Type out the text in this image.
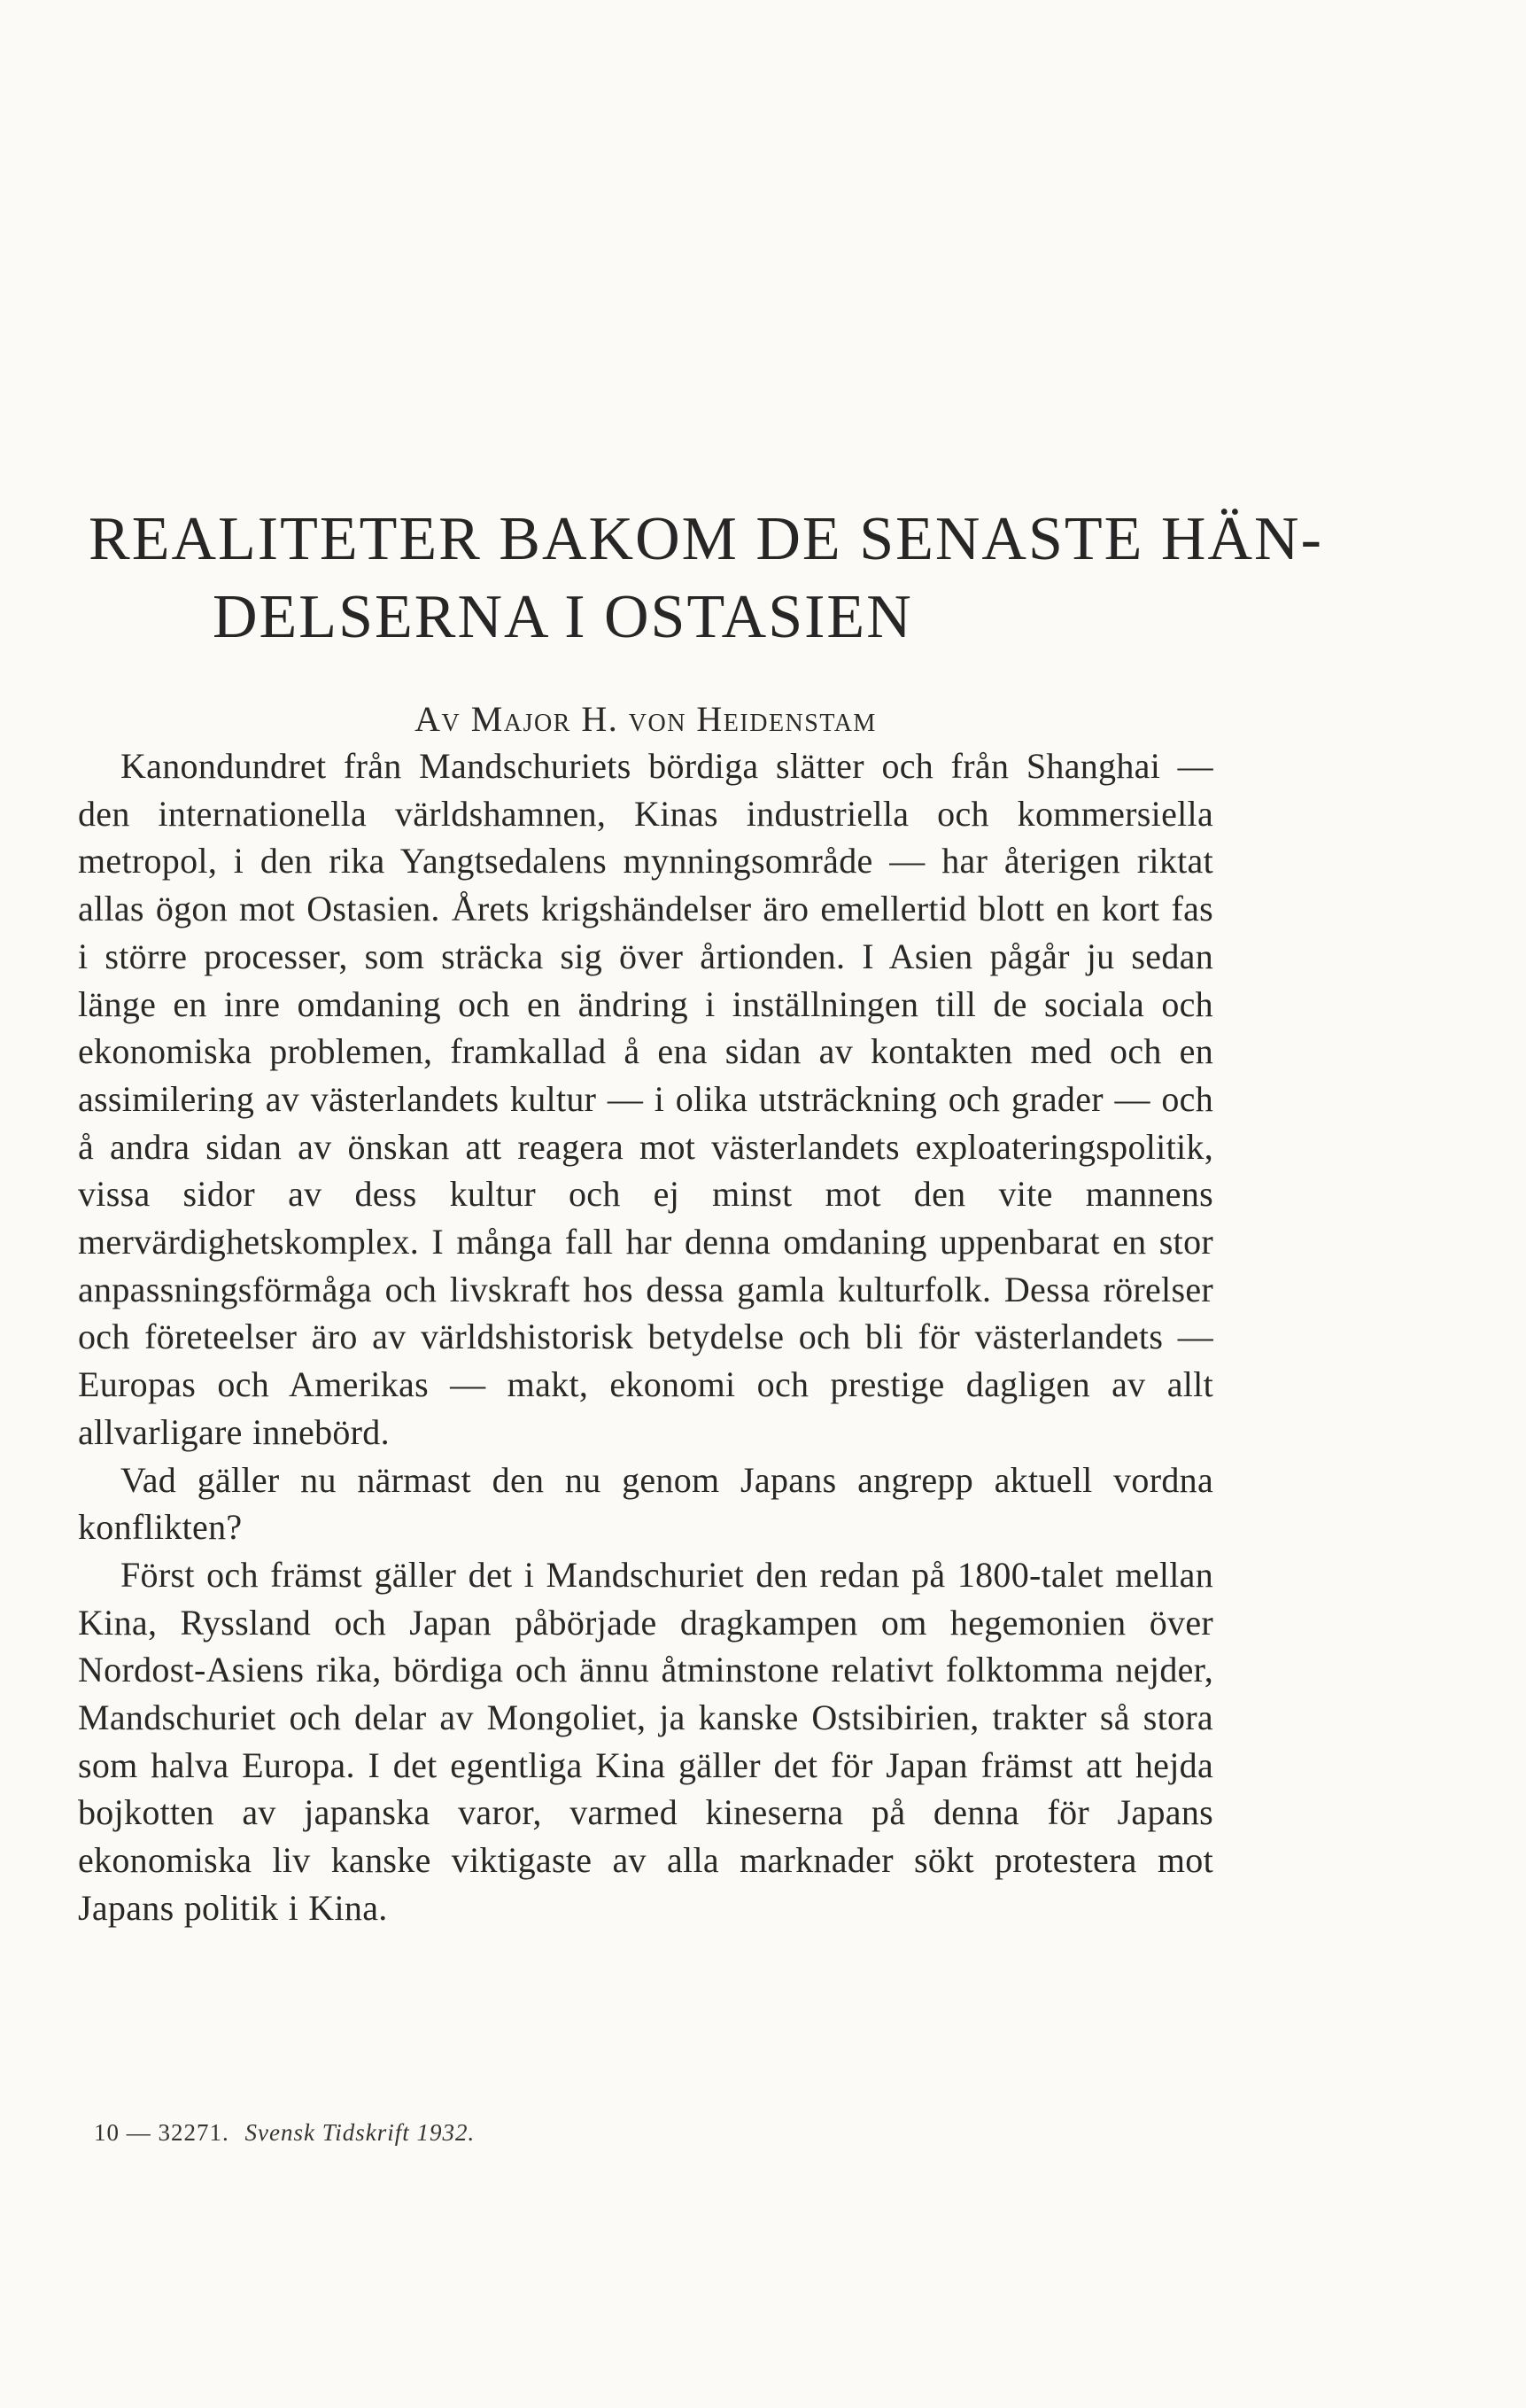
REALITETER BAKOM DE SENASTE HÄN-
DELSERNA I OSTASIEN
Av Major H. von Heidenstam

Kanondundret från Mandschuriets bördiga slätter och från Shanghai — den internationella världshamnen, Kinas industriella och kommersiella metropol, i den rika Yangtsedalens mynningsområde — har återigen riktat allas ögon mot Ostasien. Årets krigshändelser äro emellertid blott en kort fas i större processer, som sträcka sig över årtionden. I Asien pågår ju sedan länge en inre omdaning och en ändring i inställningen till de sociala och ekonomiska problemen, framkallad å ena sidan av kontakten med och en assimilering av västerlandets kultur — i olika utsträckning och grader — och å andra sidan av önskan att reagera mot västerlandets exploateringspolitik, vissa sidor av dess kultur och ej minst mot den vite mannens mervärdighetskomplex. I många fall har denna omdaning uppenbarat en stor anpassningsförmåga och livskraft hos dessa gamla kulturfolk. Dessa rörelser och företeelser äro av världshistorisk betydelse och bli för västerlandets — Europas och Amerikas — makt, ekonomi och prestige dagligen av allt allvarligare innebörd.

Vad gäller nu närmast den nu genom Japans angrepp aktuell vordna konflikten?

Först och främst gäller det i Mandschuriet den redan på 1800-talet mellan Kina, Ryssland och Japan påbörjade dragkampen om hegemonien över Nordost-Asiens rika, bördiga och ännu åtminstone relativt folktomma nejder, Mandschuriet och delar av Mongoliet, ja kanske Ostsibirien, trakter så stora som halva Europa. I det egentliga Kina gäller det för Japan främst att hejda bojkotten av japanska varor, varmed kineserna på denna för Japans ekonomiska liv kanske viktigaste av alla marknader sökt protestera mot Japans politik i Kina.

10 — 32271. Svensk Tidskrift 1932.
